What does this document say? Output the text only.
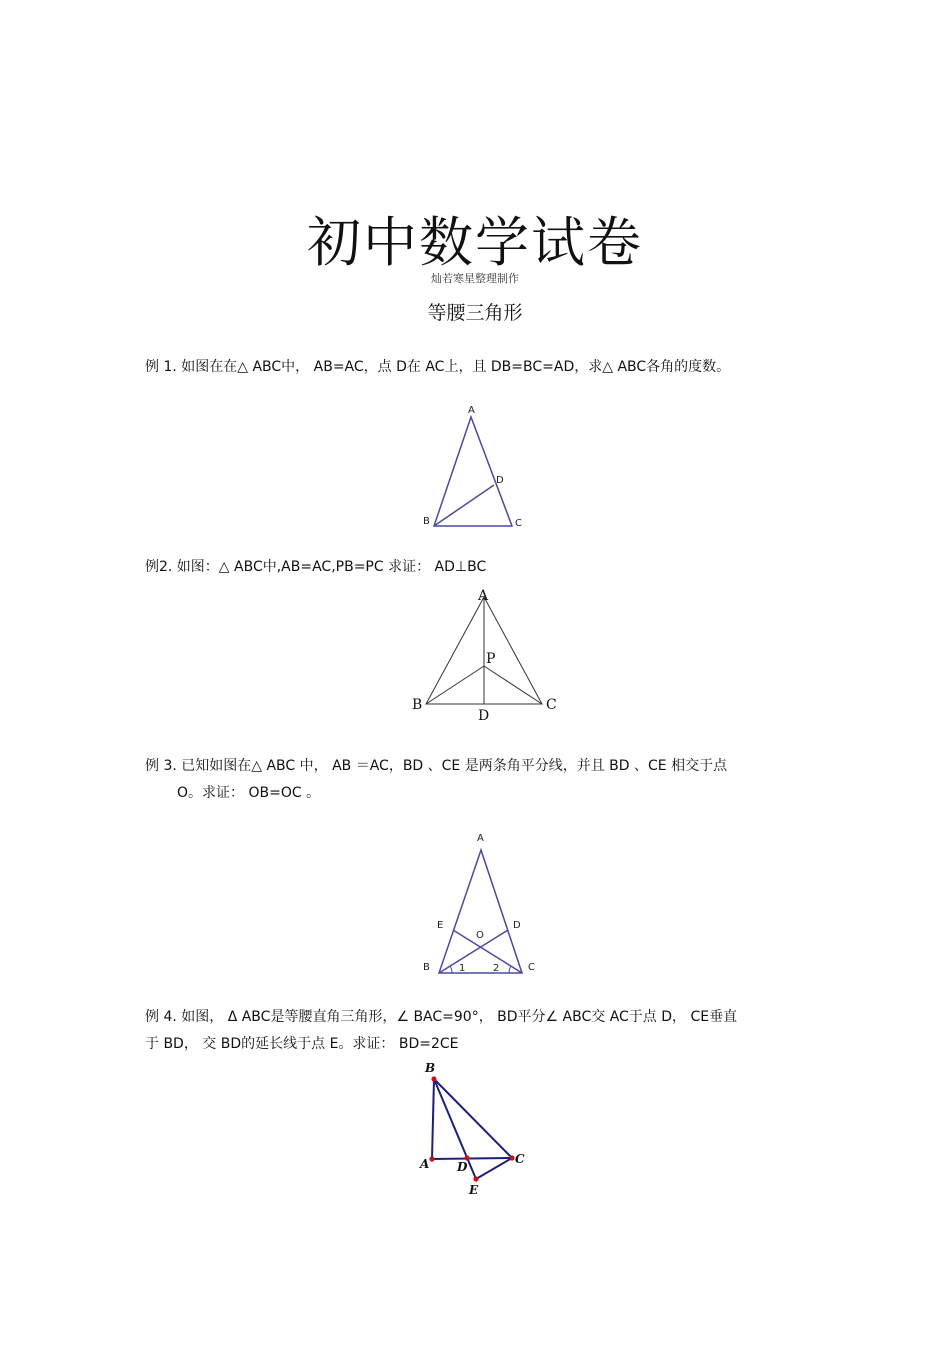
初中数学试卷
灿若寒星整理制作
等腰三角形
例 1. 如图在在△ ABC中， AB=AC，点 D在 AC上，且 DB=BC=AD，求△ ABC各角的度数。
例2. 如图：△ ABC中,AB=AC,PB=PC 求证： AD⊥BC
例 3. 已知如图在△ ABC 中， AB ＝AC，BD 、CE 是两条角平分线，并且 BD 、CE 相交于点
O。求证： OB=OC 。
例 4. 如图， Δ ABC是等腰直角三角形，∠ BAC=90°， BD平分∠ ABC交 AC于点 D， CE垂直
于 BD， 交 BD的延长线于点 E。求证： BD=2CE
A
B	C
D
A
B	C
D
P
A
B	C
D
E
O
1	2
B
A D
C
E
